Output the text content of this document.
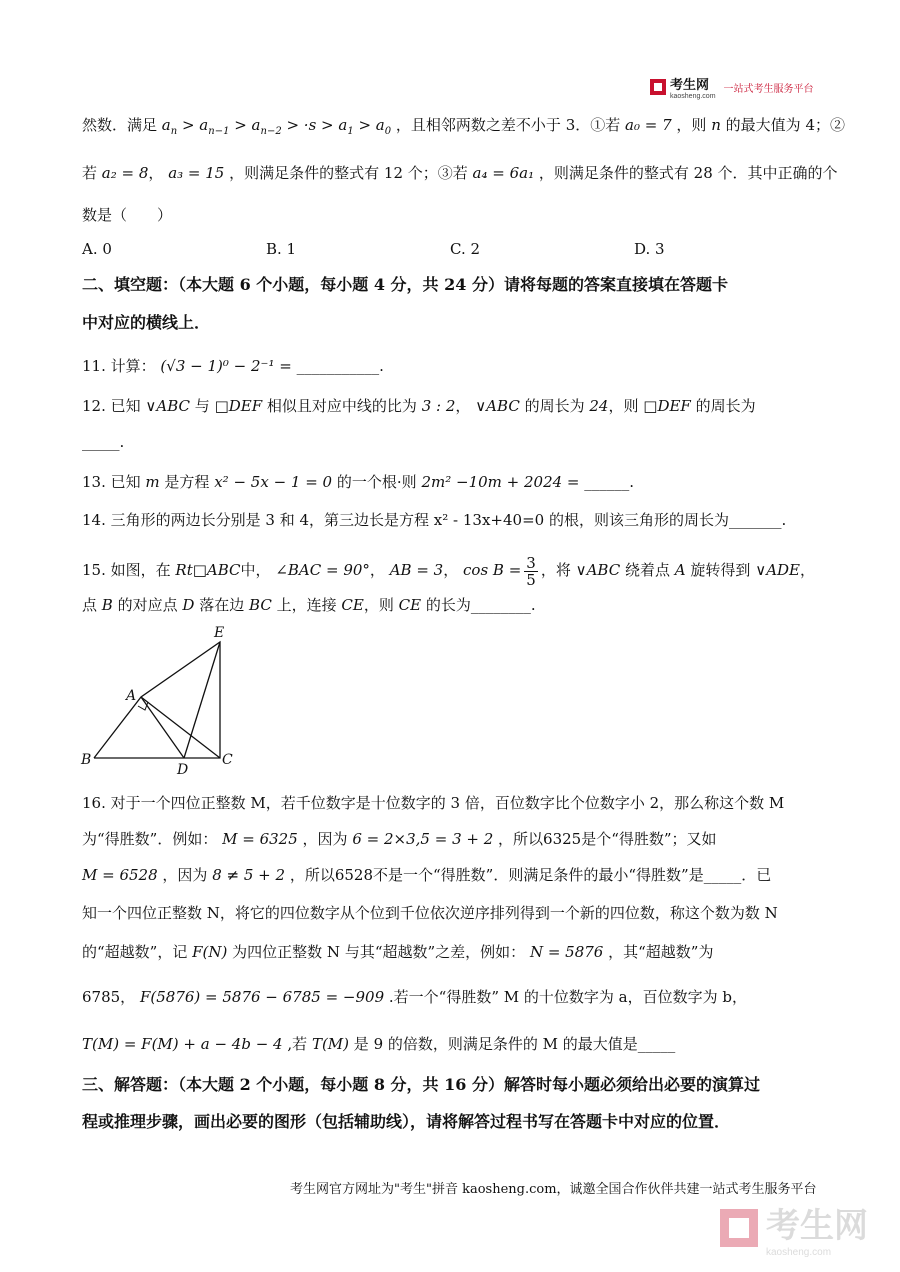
考生网
kaosheng.com
一站式考生服务平台
然数．满足 $a_n > a_{n-1} > a_{n-2} > \cdot s > a_1 > a_0$ ，且相邻两数之差不小于 3．①若 a₀ = 7 ，则 n 的最大值为 4；②
若 a₂ = 8， a₃ = 15 ，则满足条件的整式有 12 个；③若 a₄ = 6a₁ ，则满足条件的整式有 28 个．其中正确的个
数是（　　）
A. 0	B. 1	C. 2	D. 3
二、填空题：（本大题 6 个小题，每小题 4 分，共 24 分）请将每题的答案直接填在答题卡
中对应的横线上．
11. 计算： (√3 − 1)⁰ − 2⁻¹ = ___________.
12. 已知 ∨ABC 与 □DEF 相似且对应中线的比为 3 : 2， ∨ABC 的周长为 24，则 □DEF 的周长为
_____.
13. 已知 m 是方程 x² − 5x − 1 = 0 的一个根·则 2m² −10m + 2024 = ______.
14. 三角形的两边长分别是 3 和 4，第三边长是方程 x² - 13x+40=0 的根，则该三角形的周长为_______.
15. 如图，在 Rt□ABC中， ∠BAC = 90°， AB = 3， $\cos B = \frac{3}{5}$ ，将 ∨ABC 绕着点 A 旋转得到 ∨ADE，
点 B 的对应点 D 落在边 BC 上，连接 CE，则 CE 的长为________.
E
A
B
D
C
16. 对于一个四位正整数 M，若千位数字是十位数字的 3 倍，百位数字比个位数字小 2，那么称这个数 M
为“得胜数”．例如： M = 6325 ，因为 6 = 2×3,5 = 3 + 2 ，所以6325是个“得胜数”；又如
M = 6528 ，因为 8 ≠ 5 + 2 ，所以6528不是一个“得胜数”．则满足条件的最小“得胜数”是_____．已
知一个四位正整数 N，将它的四位数字从个位到千位依次逆序排列得到一个新的四位数，称这个数为数 N
的“超越数”，记 F(N) 为四位正整数 N 与其“超越数”之差，例如： N = 5876 ，其“超越数”为
6785， F(5876) = 5876 − 6785 = −909 .若一个“得胜数” M 的十位数字为 a，百位数字为 b，
T(M) = F(M) + a − 4b − 4 ,若 T(M) 是 9 的倍数，则满足条件的 M 的最大值是_____
三、解答题：（本大题 2 个小题，每小题 8 分，共 16 分）解答时每小题必须给出必要的演算过
程或推理步骤，画出必要的图形（包括辅助线），请将解答过程书写在答题卡中对应的位置．
考生网官方网址为"考生"拼音 kaosheng.com，诚邀全国合作伙伴共建一站式考生服务平台
考生网
kaosheng.com
